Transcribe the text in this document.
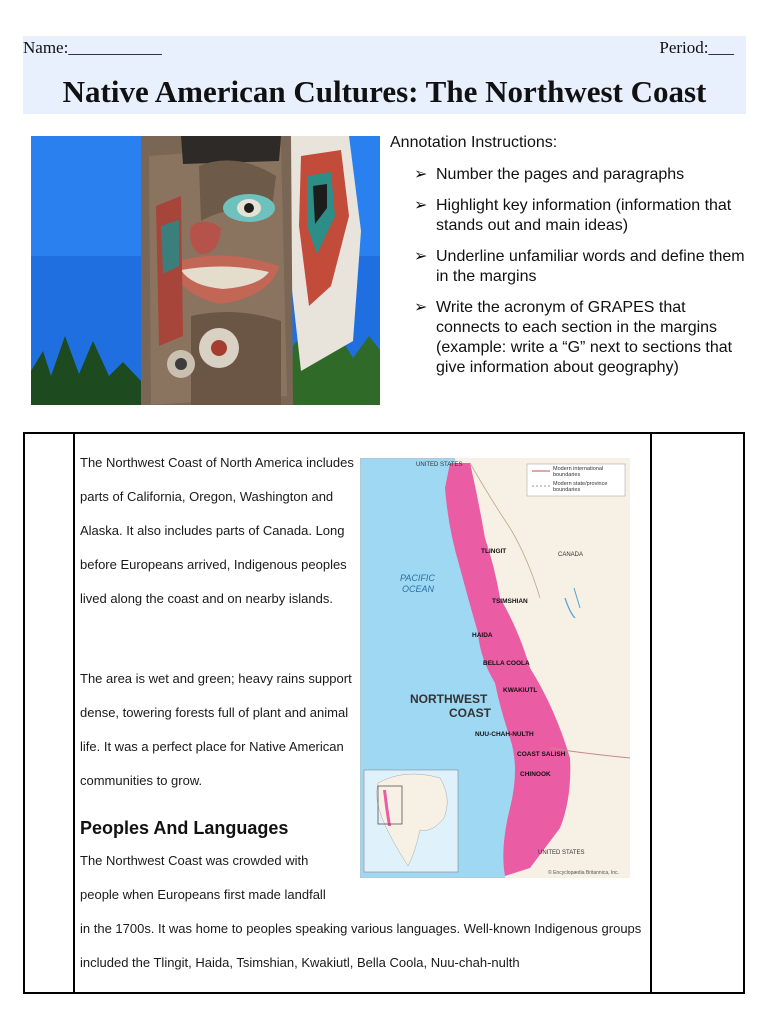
Name:___________	Period:___
Native American Cultures: The Northwest Coast
Annotation Instructions:
➢ Number the pages and paragraphs
➢ Highlight key information (information that stands out and main ideas)
➢ Underline unfamiliar words and define them in the margins
➢ Write the acronym of GRAPES that connects to each section in the margins (example: write a “G” next to sections that give information about geography)
The Northwest Coast of North America includes parts of California, Oregon, Washington and Alaska. It also includes parts of Canada. Long before Europeans arrived, Indigenous peoples lived along the coast and on nearby islands.
The area is wet and green; heavy rains support dense, towering forests full of plant and animal life. It was a perfect place for Native American communities to grow.
Peoples And Languages
The Northwest Coast was crowded with people when Europeans first made landfall
in the 1700s. It was home to peoples speaking various languages. Well-known Indigenous groups included the Tlingit, Haida, Tsimshian, Kwakiutl, Bella Coola, Nuu-chah-nulth
Modern international
boundaries
Modern state/province
boundaries
UNITED STATES
CANADA
PACIFIC
OCEAN
NORTHWEST
COAST
TLINGIT
TSIMSHIAN
HAIDA
BELLA COOLA
KWAKIUTL
NUU-CHAH-NULTH
COAST SALISH
CHINOOK
UNITED STATES
© Encyclopædia Britannica, Inc.
